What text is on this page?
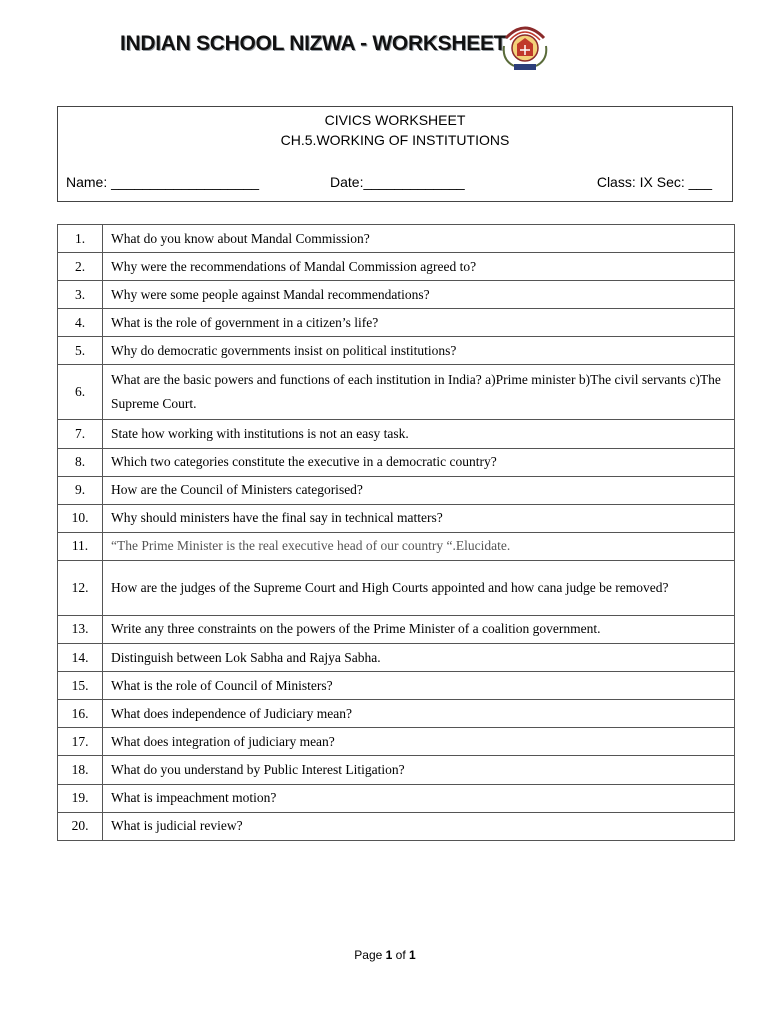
INDIAN SCHOOL NIZWA - WORKSHEET
CIVICS WORKSHEET
CH.5.WORKING OF INSTITUTIONS
Name: ___________________	Date:_____________	Class: IX Sec: ___
1.	What do you know about Mandal Commission?
2.	Why were the recommendations of Mandal Commission agreed to?
3.	Why were some people against Mandal recommendations?
4.	What is the role of government in a citizen’s life?
5.	Why do democratic governments insist on political institutions?
6.	What are the basic powers and functions of each institution in India? a)Prime minister b)The civil servants c)The Supreme Court.
7.	State how working with institutions is not an easy task.
8.	Which two categories constitute the executive in a democratic country?
9.	How are the Council of Ministers categorised?
10.	Why should ministers have the final say in technical matters?
11.	“The Prime Minister is the real executive head of our country “.Elucidate.
12.	How are the judges of the Supreme Court and High Courts appointed and how cana judge be removed?
13.	Write any three constraints on the powers of the Prime Minister of a coalition government.
14.	Distinguish between Lok Sabha and Rajya Sabha.
15.	What is the role of Council of Ministers?
16.	What does independence of Judiciary mean?
17.	What does integration of judiciary mean?
18.	What do you understand by Public Interest Litigation?
19.	What is impeachment motion?
20.	What is judicial review?
Page 1 of 1
